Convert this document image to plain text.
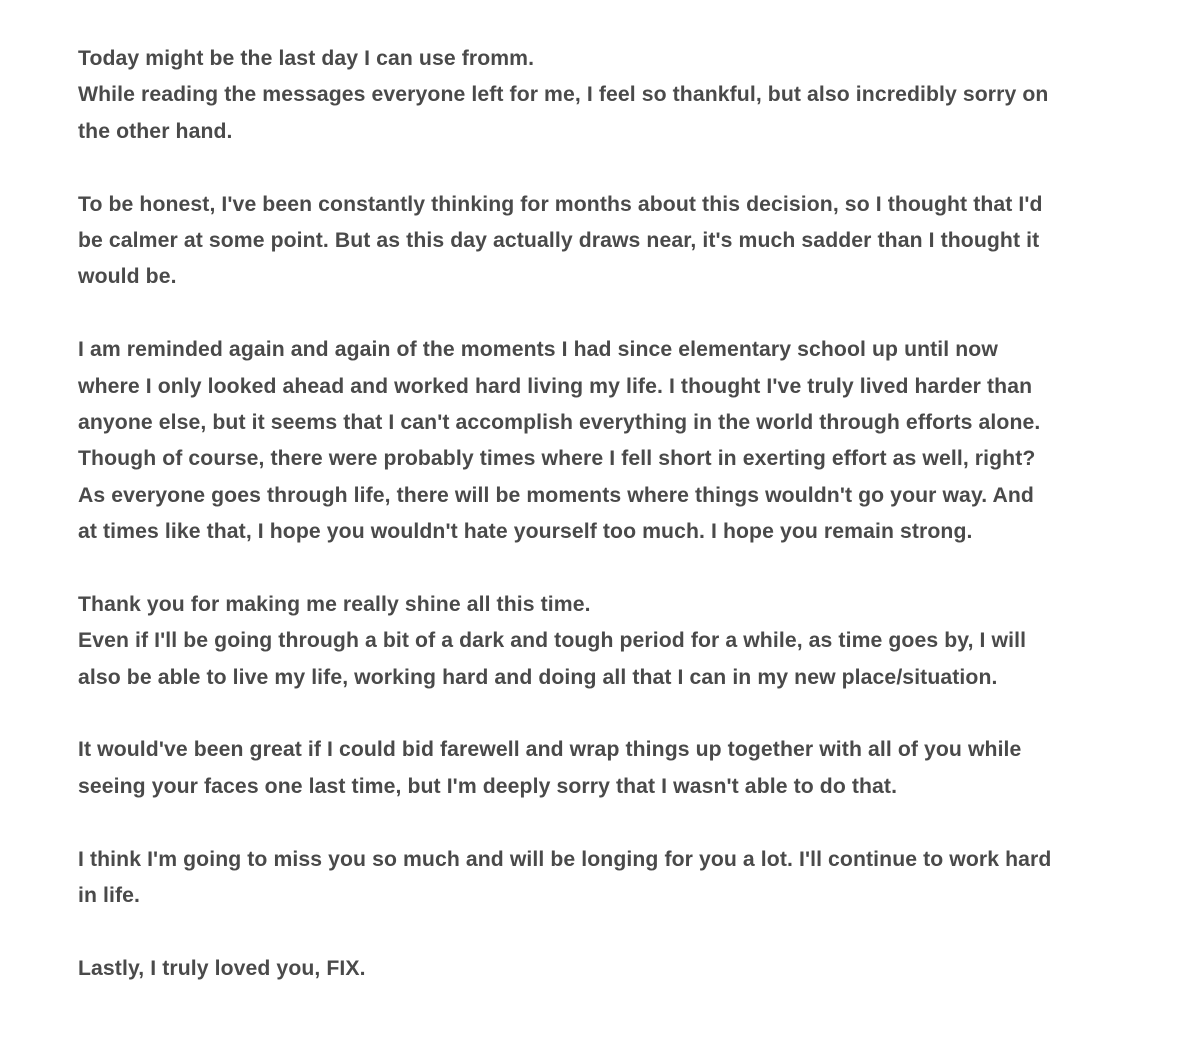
Today might be the last day I can use fromm.
While reading the messages everyone left for me, I feel so thankful, but also incredibly sorry on
the other hand.
To be honest, I've been constantly thinking for months about this decision, so I thought that I'd
be calmer at some point. But as this day actually draws near, it's much sadder than I thought it
would be.
I am reminded again and again of the moments I had since elementary school up until now
where I only looked ahead and worked hard living my life. I thought I've truly lived harder than
anyone else, but it seems that I can't accomplish everything in the world through efforts alone.
Though of course, there were probably times where I fell short in exerting effort as well, right?
As everyone goes through life, there will be moments where things wouldn't go your way. And
at times like that, I hope you wouldn't hate yourself too much. I hope you remain strong.
Thank you for making me really shine all this time.
Even if I'll be going through a bit of a dark and tough period for a while, as time goes by, I will
also be able to live my life, working hard and doing all that I can in my new place/situation.
It would've been great if I could bid farewell and wrap things up together with all of you while
seeing your faces one last time, but I'm deeply sorry that I wasn't able to do that.
I think I'm going to miss you so much and will be longing for you a lot. I'll continue to work hard
in life.
Lastly, I truly loved you, FIX.
